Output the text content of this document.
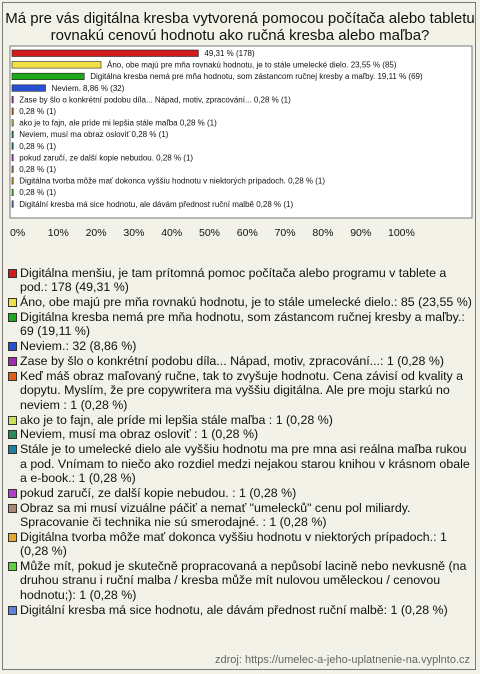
Má pre vás digitálna kresba vytvorená pomocou počítača alebo tabletu rovnakú cenovú hodnotu ako ručná kresba alebo maľba?
49,31 % (178)
Áno, obe majú pre mňa rovnakú hodnotu, je to stále umelecké dielo. 23,55 % (85)
Digitálna kresba nemá pre mňa hodnotu, som zástancom ručnej kresby a maľby. 19,11 % (69)
Neviem. 8,86 % (32)
Zase by šlo o konkrétní podobu díla... Nápad, motiv, zpracování... 0,28 % (1)
0,28 % (1)
ako je to fajn, ale príde mi lepšia stále maľba 0,28 % (1)
Neviem, musí ma obraz osloviť 0,28 % (1)
0,28 % (1)
pokud zaručí, ze další kopie nebudou. 0,28 % (1)
0,28 % (1)
Digitálna tvorba môže mať dokonca vyššiu hodnotu v niektorých prípadoch. 0,28 % (1)
0,28 % (1)
Digitální kresba má sice hodnotu, ale dávám přednost ruční malbě 0,28 % (1)
0% 10% 20% 30% 40% 50% 60% 70% 80% 90% 100%
Digitálna menšiu, je tam prítomná pomoc počítača alebo programu v tablete a pod.: 178 (49,31 %)
Áno, obe majú pre mňa rovnakú hodnotu, je to stále umelecké dielo.: 85 (23,55 %)
Digitálna kresba nemá pre mňa hodnotu, som zástancom ručnej kresby a maľby.: 69 (19,11 %)
Neviem.: 32 (8,86 %)
Zase by šlo o konkrétní podobu díla... Nápad, motiv, zpracování...: 1 (0,28 %)
Keď máš obraz maľovaný ručne, tak to zvyšuje hodnotu. Cena závisí od kvality a dopytu. Myslím, že pre copywritera ma vyššiu digitálna. Ale pre moju starkú no neviem : 1 (0,28 %)
ako je to fajn, ale príde mi lepšia stále maľba : 1 (0,28 %)
Neviem, musí ma obraz osloviť : 1 (0,28 %)
Stále je to umelecké dielo ale vyššiu hodnotu ma pre mna asi reálna maľba rukou a pod. Vnímam to niečo ako rozdiel medzi nejakou starou knihou v krásnom obale a e-book.: 1 (0,28 %)
pokud zaručí, ze další kopie nebudou. : 1 (0,28 %)
Obraz sa mi musí vizuálne páčiť a nemať "umelecků" cenu pol miliardy. Spracovanie či technika nie sú smerodajné. : 1 (0,28 %)
Digitálna tvorba môže mať dokonca vyššiu hodnotu v niektorých prípadoch.: 1 (0,28 %)
Může mít, pokud je skutečně propracovaná a nepůsobí lacině nebo nevkusně (na druhou stranu i ruční malba / kresba může mít nulovou uměleckou / cenovou hodnotu;): 1 (0,28 %)
Digitální kresba má sice hodnotu, ale dávám přednost ruční malbě: 1 (0,28 %)
zdroj: https://umelec-a-jeho-uplatnenie-na.vyplnto.cz
